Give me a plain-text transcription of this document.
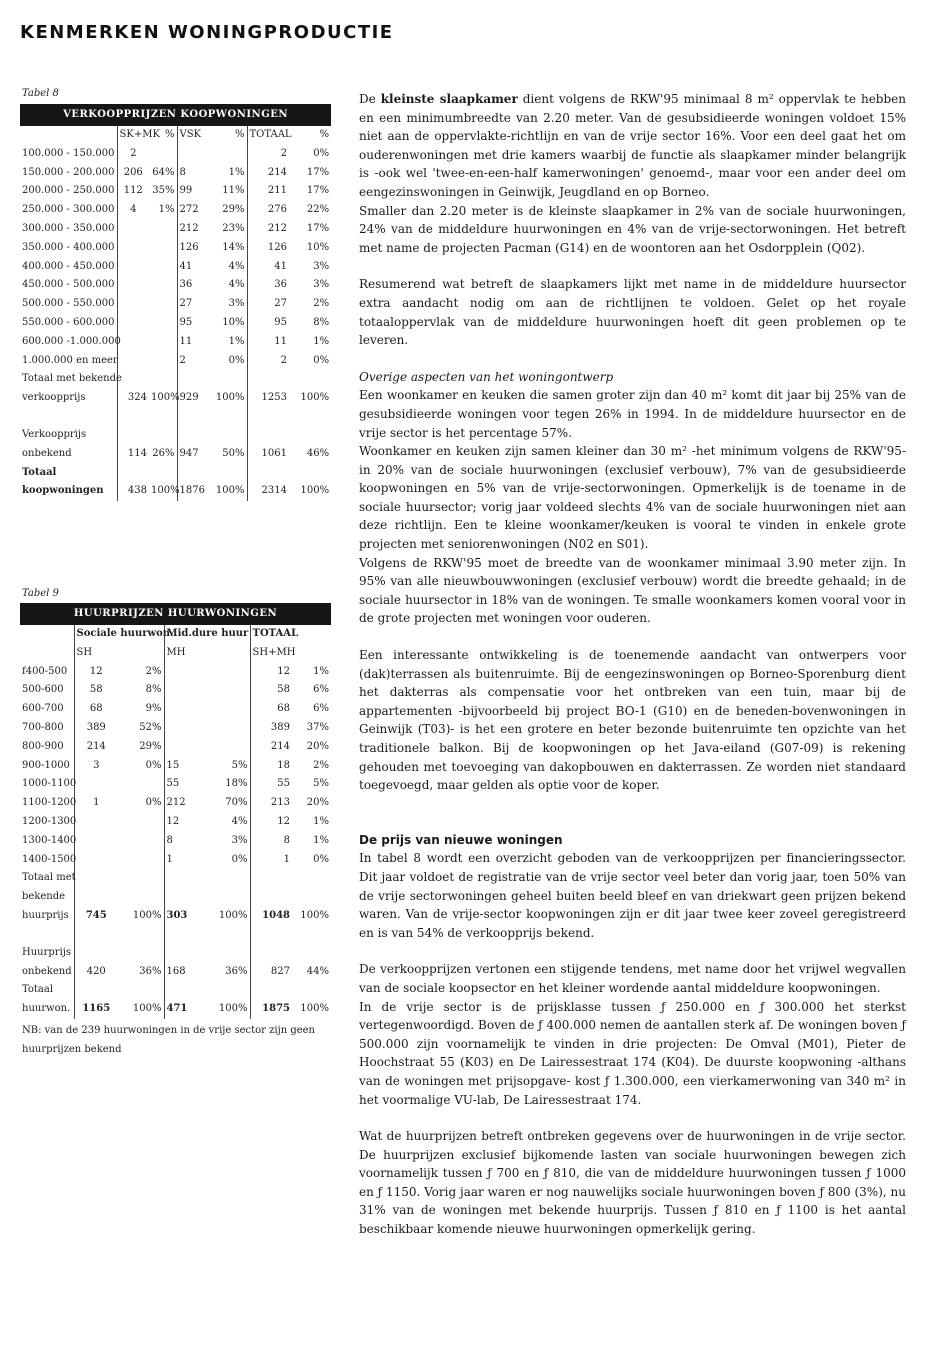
KENMERKEN WONINGPRODUCTIE
Tabel 8
VERKOOPPRIJZEN KOOPWONINGEN						
	SK+MK	%	VSK	%	TOTAAL	%
100.000 - 150.000	2				2	0%
150.000 - 200.000	206	64%	8	1%	214	17%
200.000 - 250.000	112	35%	99	11%	211	17%
250.000 - 300.000	4	1%	272	29%	276	22%
300.000 - 350.000			212	23%	212	17%
350.000 - 400.000			126	14%	126	10%
400.000 - 450.000			41	4%	41	3%
450.000 - 500.000			36	4%	36	3%
500.000 - 550.000			27	3%	27	2%
550.000 - 600.000			95	10%	95	8%
600.000 -1.000.000			11	1%	11	1%
1.000.000 en meer			2	0%	2	0%
Totaal met bekende						
verkoopprijs	324	100%	929	100%	1253	100%

Verkoopprijs						
onbekend	114	26%	947	50%	1061	46%
Totaal						
koopwoningen	438	100%	1876	100%	2314	100%
Tabel 9
HUURPRIJZEN HUURWONINGEN						
	Sociale huurwon.		Mid.dure huur		TOTAAL	
	SH		MH		SH+MH	
f400-500	12	2%			12	1%
500-600	58	8%			58	6%
600-700	68	9%			68	6%
700-800	389	52%			389	37%
800-900	214	29%			214	20%
900-1000	3	0%	15	5%	18	2%
1000-1100			55	18%	55	5%
1100-1200	1	0%	212	70%	213	20%
1200-1300			12	4%	12	1%
1300-1400			8	3%	8	1%
1400-1500			1	0%	1	0%
Totaal met						
bekende						
huurprijs	745	100%	303	100%	1048	100%

Huurprijs						
onbekend	420	36%	168	36%	827	44%
Totaal						
huurwon.	1165	100%	471	100%	1875	100%
NB: van de 239 huurwoningen in de vrije sector zijn geen huurprijzen bekend

De kleinste slaapkamer dient volgens de RKW'95 minimaal 8 m² oppervlak te hebben en een minimumbreedte van 2.20 meter. Van de gesubsidieerde woningen voldoet 15% niet aan de oppervlakte-richtlijn en van de vrije sector 16%. Voor een deel gaat het om ouderenwoningen met drie kamers waarbij de functie als slaapkamer minder belangrijk is -ook wel 'twee-en-een-half kamerwoningen' genoemd-, maar voor een ander deel om eengezinswoningen in Geinwijk, Jeugdland en op Borneo.

Smaller dan 2.20 meter is de kleinste slaapkamer in 2% van de sociale huurwoningen, 24% van de middeldure huurwoningen en 4% van de vrije-sectorwoningen. Het betreft met name de projecten Pacman (G14) en de woontoren aan het Osdorpplein (Q02).

Resumerend wat betreft de slaapkamers lijkt met name in de middeldure huursector extra aandacht nodig om aan de richtlijnen te voldoen. Gelet op het royale totaaloppervlak van de middeldure huurwoningen hoeft dit geen problemen op te leveren.

Overige aspecten van het woningontwerp

Een woonkamer en keuken die samen groter zijn dan 40 m² komt dit jaar bij 25% van de gesubsidieerde woningen voor tegen 26% in 1994. In de middeldure huursector en de vrije sector is het percentage 57%.

Woonkamer en keuken zijn samen kleiner dan 30 m² -het minimum volgens de RKW'95- in 20% van de sociale huurwoningen (exclusief verbouw), 7% van de gesubsidieerde koopwoningen en 5% van de vrije-sectorwoningen. Opmerkelijk is de toename in de sociale huursector; vorig jaar voldeed slechts 4% van de sociale huurwoningen niet aan deze richtlijn. Een te kleine woonkamer/keuken is vooral te vinden in enkele grote projecten met seniorenwoningen (N02 en S01).

Volgens de RKW'95 moet de breedte van de woonkamer minimaal 3.90 meter zijn. In 95% van alle nieuwbouwwoningen (exclusief verbouw) wordt die breedte gehaald; in de sociale huursector in 18% van de woningen. Te smalle woonkamers komen vooral voor in de grote projecten met woningen voor ouderen.

Een interessante ontwikkeling is de toenemende aandacht van ontwerpers voor (dak)terrassen als buitenruimte. Bij de eengezinswoningen op Borneo-Sporenburg dient het dakterras als compensatie voor het ontbreken van een tuin, maar bij de appartementen -bijvoorbeeld bij project BO-1 (G10) en de beneden-bovenwoningen in Geinwijk (T03)- is het een grotere en beter bezonde buitenruimte ten opzichte van het traditionele balkon. Bij de koopwoningen op het Java-eiland (G07-09) is rekening gehouden met toevoeging van dakopbouwen en dakterrassen. Ze worden niet standaard toegevoegd, maar gelden als optie voor de koper.

De prijs van nieuwe woningen

In tabel 8 wordt een overzicht geboden van de verkoopprijzen per financieringssector. Dit jaar voldoet de registratie van de vrije sector veel beter dan vorig jaar, toen 50% van de vrije sectorwoningen geheel buiten beeld bleef en van driekwart geen prijzen bekend waren. Van de vrije-sector koopwoningen zijn er dit jaar twee keer zoveel geregistreerd en is van 54% de verkoopprijs bekend.

De verkoopprijzen vertonen een stijgende tendens, met name door het vrijwel wegvallen van de sociale koopsector en het kleiner wordende aantal middeldure koopwoningen.

In de vrije sector is de prijsklasse tussen ƒ 250.000 en ƒ 300.000 het sterkst vertegenwoordigd. Boven de ƒ 400.000 nemen de aantallen sterk af. De woningen boven ƒ 500.000 zijn voornamelijk te vinden in drie projecten: De Omval (M01), Pieter de Hoochstraat 55 (K03) en De Lairessestraat 174 (K04). De duurste koopwoning -althans van de woningen met prijsopgave- kost ƒ 1.300.000, een vierkamerwoning van 340 m² in het voormalige VU-lab, De Lairessestraat 174.

Wat de huurprijzen betreft ontbreken gegevens over de huurwoningen in de vrije sector. De huurprijzen exclusief bijkomende lasten van sociale huurwoningen bewegen zich voornamelijk tussen ƒ 700 en ƒ 810, die van de middeldure huurwoningen tussen ƒ 1000 en ƒ 1150. Vorig jaar waren er nog nauwelijks sociale huurwoningen boven ƒ 800 (3%), nu 31% van de woningen met bekende huurprijs. Tussen ƒ 810 en ƒ 1100 is het aantal beschikbaar komende nieuwe huurwoningen opmerkelijk gering.
